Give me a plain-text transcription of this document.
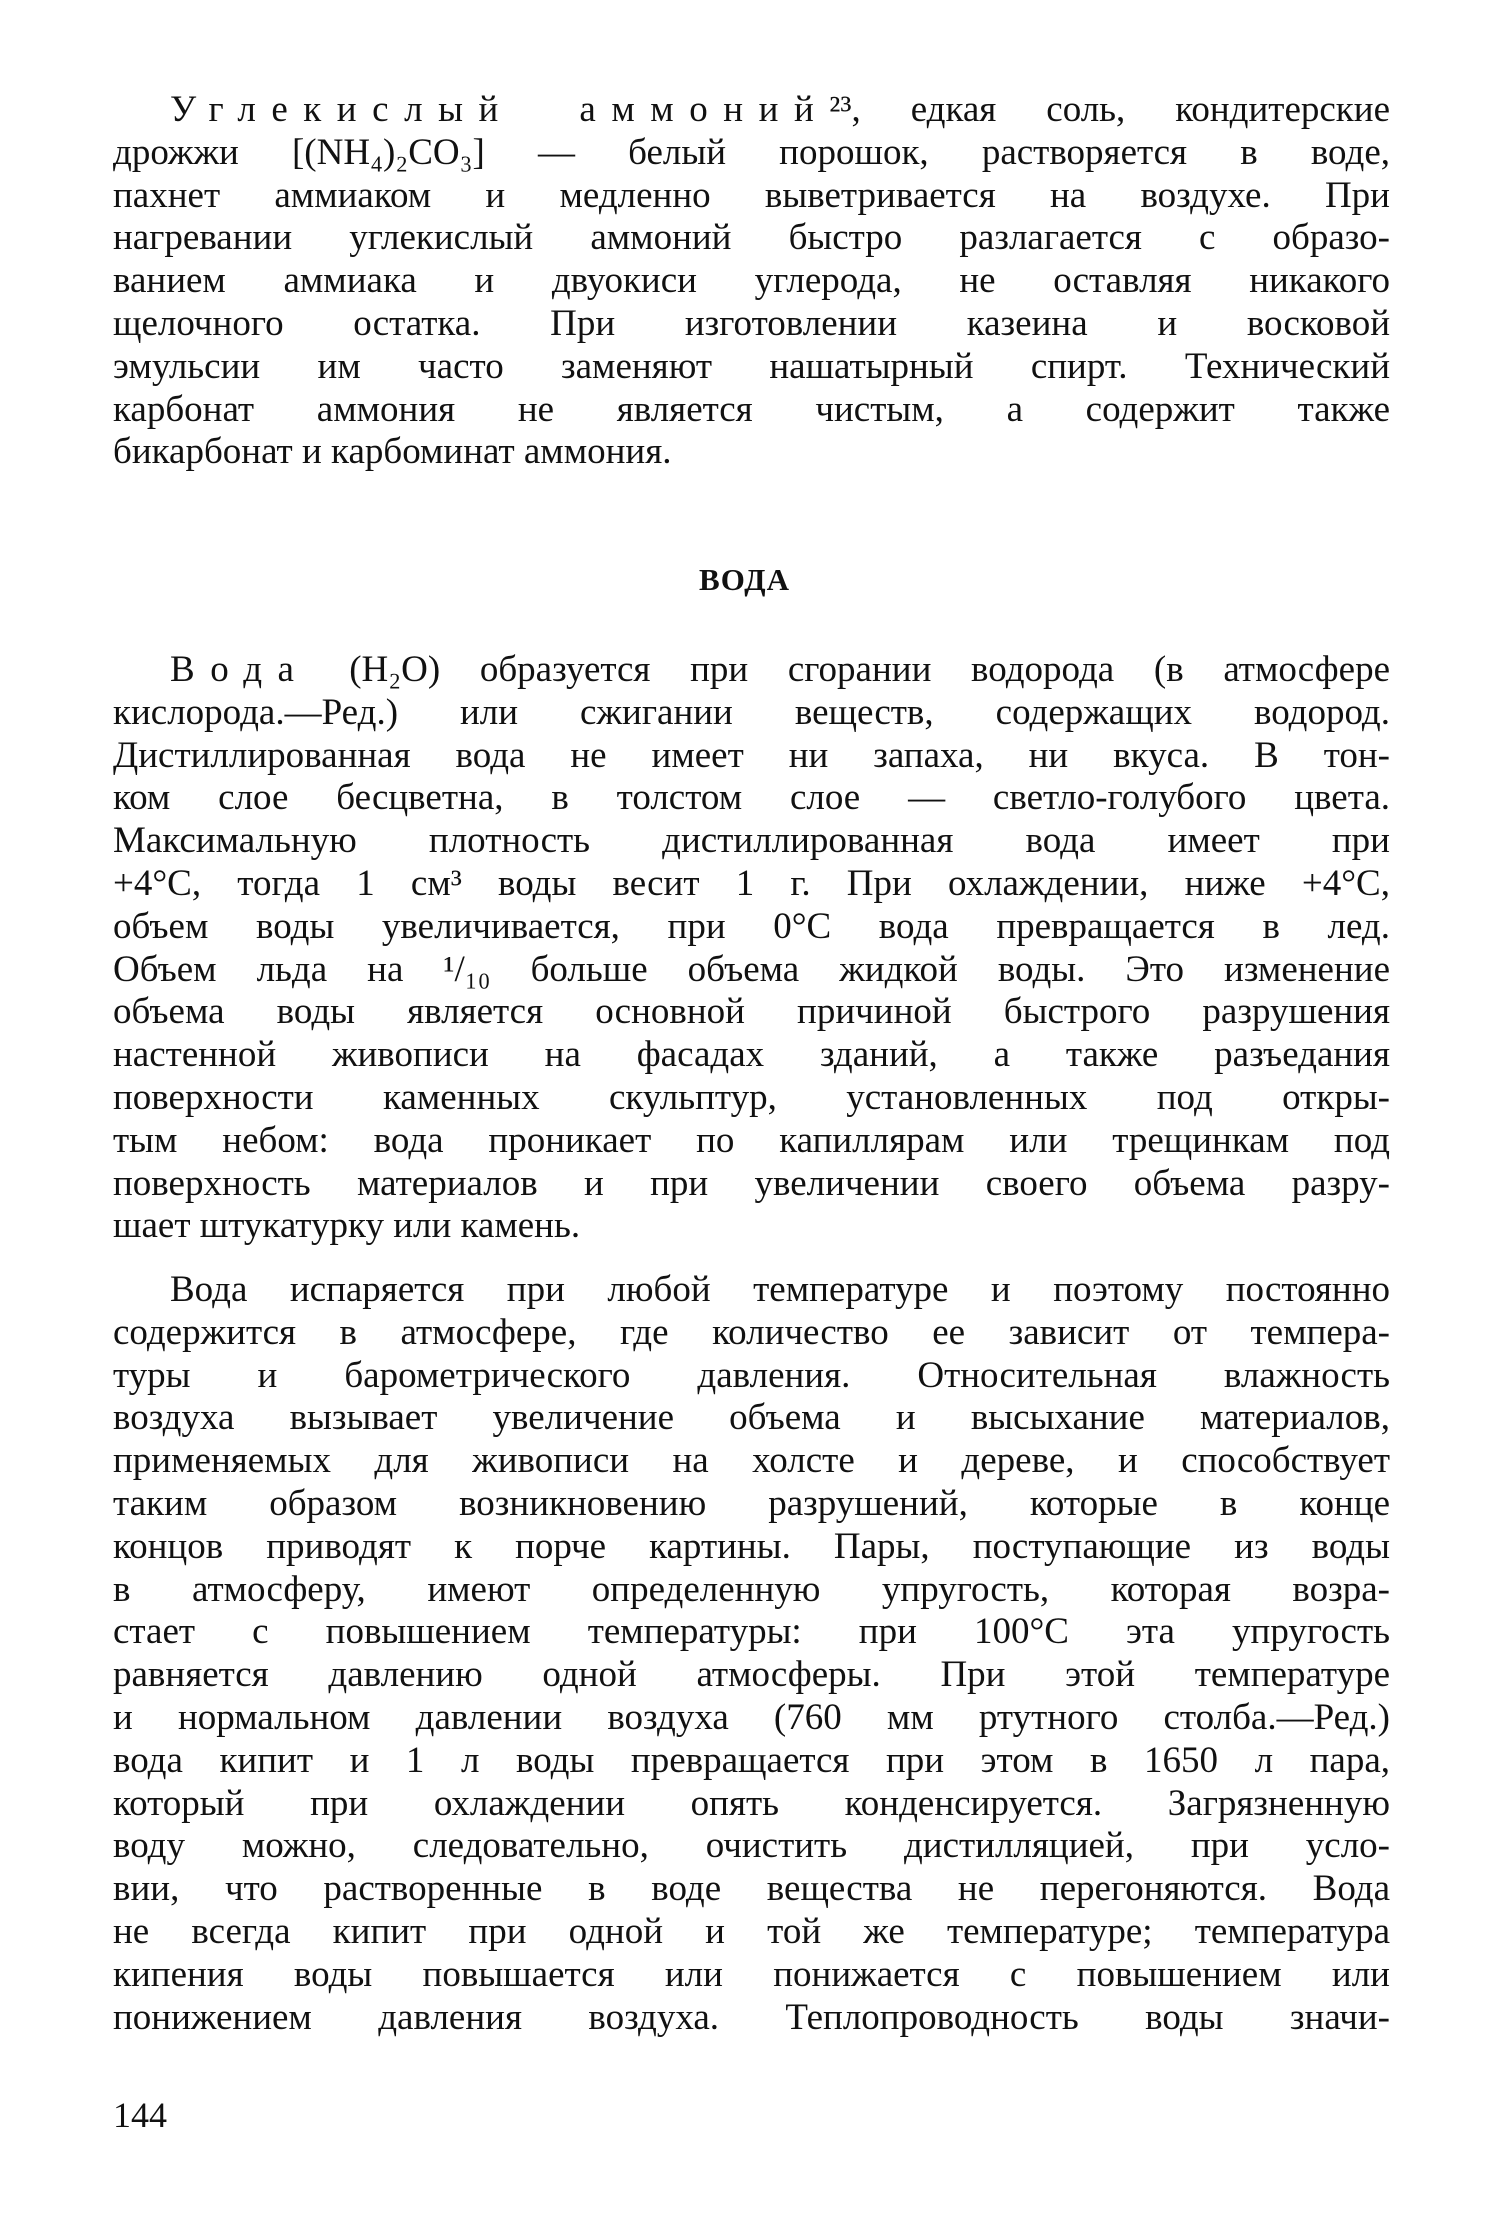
Углекислый аммоний²³, едкая соль, кондитерские
дрожжи [(NH₄)₂CO₃] — белый порошок, растворяется в воде,
пахнет аммиаком и медленно выветривается на воздухе. При
нагревании углекислый аммоний быстро разлагается с образо-
ванием аммиака и двуокиси углерода, не оставляя никакого
щелочного остатка. При изготовлении казеина и восковой
эмульсии им часто заменяют нашатырный спирт. Технический
карбонат аммония не является чистым, а содержит также
бикарбонат и карбоминат аммония.
ВОДА
Вода (H₂O) образуется при сгорании водорода (в атмосфере
кислорода.—Ред.) или сжигании веществ, содержащих водород.
Дистиллированная вода не имеет ни запаха, ни вкуса. В тон-
ком слое бесцветна, в толстом слое — светло-голубого цвета.
Максимальную плотность дистиллированная вода имеет при
+4°C, тогда 1 см³ воды весит 1 г. При охлаждении, ниже +4°C,
объем воды увеличивается, при 0°C вода превращается в лед.
Объем льда на ¹/₁₀ больше объема жидкой воды. Это изменение
объема воды является основной причиной быстрого разрушения
настенной живописи на фасадах зданий, а также разъедания
поверхности каменных скульптур, установленных под откры-
тым небом: вода проникает по капиллярам или трещинкам под
поверхность материалов и при увеличении своего объема разру-
шает штукатурку или камень.
Вода испаряется при любой температуре и поэтому постоянно
содержится в атмосфере, где количество ее зависит от темпера-
туры и барометрического давления. Относительная влажность
воздуха вызывает увеличение объема и высыхание материалов,
применяемых для живописи на холсте и дереве, и способствует
таким образом возникновению разрушений, которые в конце
концов приводят к порче картины. Пары, поступающие из воды
в атмосферу, имеют определенную упругость, которая возра-
стает с повышением температуры: при 100°C эта упругость
равняется давлению одной атмосферы. При этой температуре
и нормальном давлении воздуха (760 мм ртутного столба.—Ред.)
вода кипит и 1 л воды превращается при этом в 1650 л пара,
который при охлаждении опять конденсируется. Загрязненную
воду можно, следовательно, очистить дистилляцией, при усло-
вии, что растворенные в воде вещества не перегоняются. Вода
не всегда кипит при одной и той же температуре; температура
кипения воды повышается или понижается с повышением или
понижением давления воздуха. Теплопроводность воды значи-
144
